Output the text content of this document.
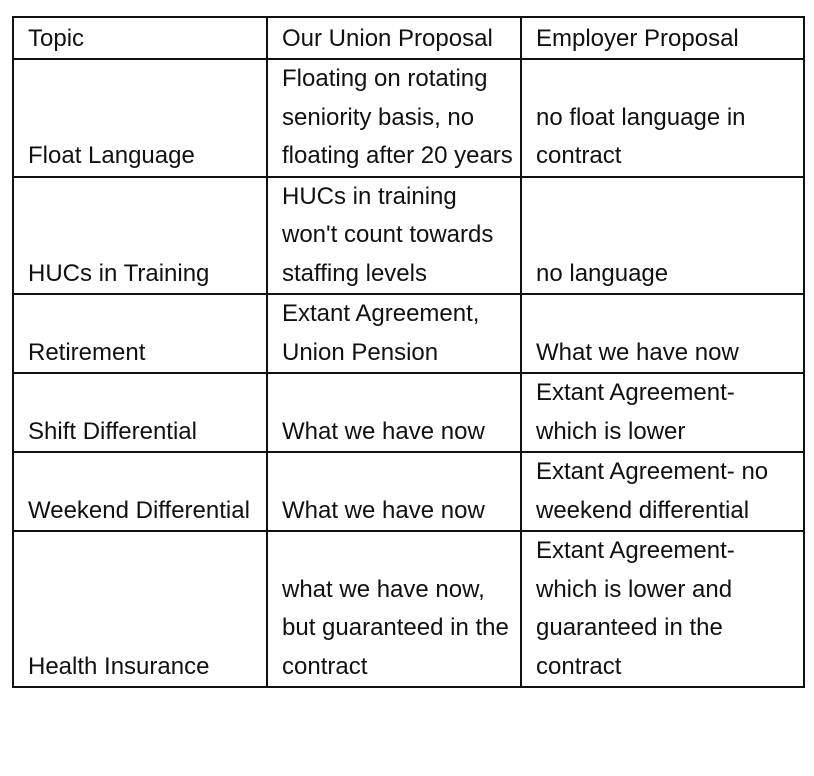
Topic	Our Union Proposal	Employer Proposal
Float Language	Floating on rotating seniority basis, no floating after 20 years	no float language in contract
HUCs in Training	HUCs in training won't count towards staffing levels	no language
Retirement	Extant Agreement, Union Pension	What we have now
Shift Differential	What we have now	Extant Agreement- which is lower
Weekend Differential	What we have now	Extant Agreement- no weekend differential
Health Insurance	what we have now, but guaranteed in the contract	Extant Agreement- which is lower and guaranteed in the contract
